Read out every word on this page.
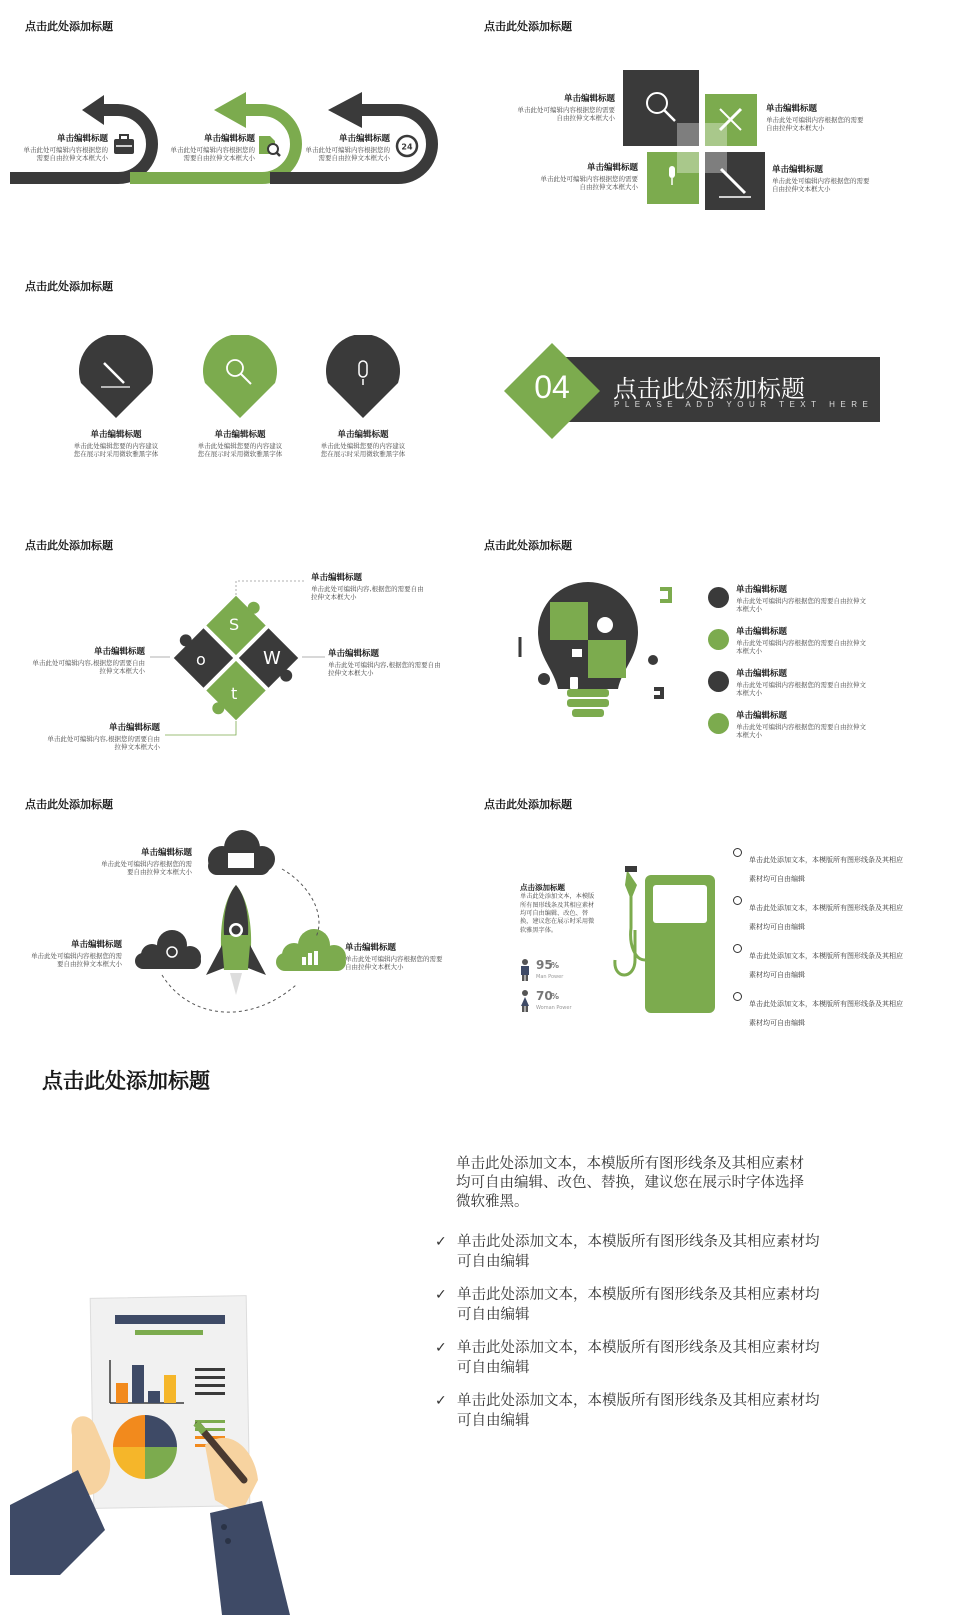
点击此处添加标题
24
单击编辑标题
单击此处可编辑内容根据您的需要自由拉伸文本框大小
单击编辑标题
单击此处可编辑内容根据您的需要自由拉伸文本框大小
单击编辑标题
单击此处可编辑内容根据您的需要自由拉伸文本框大小
点击此处添加标题
单击编辑标题
单击此处可编辑内容根据您的需要自由拉伸文本框大小
单击编辑标题
单击此处可编辑内容根据您的需要自由拉伸文本框大小
单击编辑标题
单击此处可编辑内容根据您的需要自由拉伸文本框大小
单击编辑标题
单击此处可编辑内容根据您的需要自由拉伸文本框大小
点击此处添加标题
单击编辑标题
单击此处编辑您要的内容建议您在展示时采用微软雅黑字体
单击编辑标题
单击此处编辑您要的内容建议您在展示时采用微软雅黑字体
单击编辑标题
单击此处编辑您要的内容建议您在展示时采用微软雅黑字体
04	点击此处添加标题
PLEASE ADD YOUR TEXT HERE
点击此处添加标题
S
W
t
o
单击编辑标题
单击此处可编辑内容,根据您的需要自由拉伸文本框大小
单击编辑标题
单击此处可编辑内容,根据您的需要自由拉伸文本框大小
单击编辑标题
单击此处可编辑内容,根据您的需要自由拉伸文本框大小
单击编辑标题
单击此处可编辑内容,根据您的需要自由拉伸文本框大小
点击此处添加标题
单击编辑标题
单击此处可编辑内容根据您的需要自由拉伸文本框大小
单击编辑标题
单击此处可编辑内容根据您的需要自由拉伸文本框大小
单击编辑标题
单击此处可编辑内容根据您的需要自由拉伸文本框大小
单击编辑标题
单击此处可编辑内容根据您的需要自由拉伸文本框大小
点击此处添加标题
单击编辑标题
单击此处可编辑内容根据您的需要自由拉伸文本框大小
单击编辑标题
单击此处可编辑内容根据您的需要自由拉伸文本框大小
单击编辑标题
单击此处可编辑内容根据您的需要自由拉伸文本框大小
点击此处添加标题
点击添加标题
单击此处添加文本，本模版所有图形线条及其相应素材均可自由编辑、改色、替换，建议您在展示时采用微软雅黑字体。
95
%
Man Power
70
%
Woman Power
单击此处添加文本，本模版所有图形线条及其相应素材均可自由编辑
单击此处添加文本，本模版所有图形线条及其相应素材均可自由编辑
单击此处添加文本，本模版所有图形线条及其相应素材均可自由编辑
单击此处添加文本，本模版所有图形线条及其相应素材均可自由编辑
点击此处添加标题
单击此处添加文本，本模版所有图形线条及其相应素材均可自由编辑、改色、替换，建议您在展示时字体选择微软雅黑。
✓ 单击此处添加文本，本模版所有图形线条及其相应素材均可自由编辑
✓ 单击此处添加文本，本模版所有图形线条及其相应素材均可自由编辑
✓ 单击此处添加文本，本模版所有图形线条及其相应素材均可自由编辑
✓ 单击此处添加文本，本模版所有图形线条及其相应素材均可自由编辑
